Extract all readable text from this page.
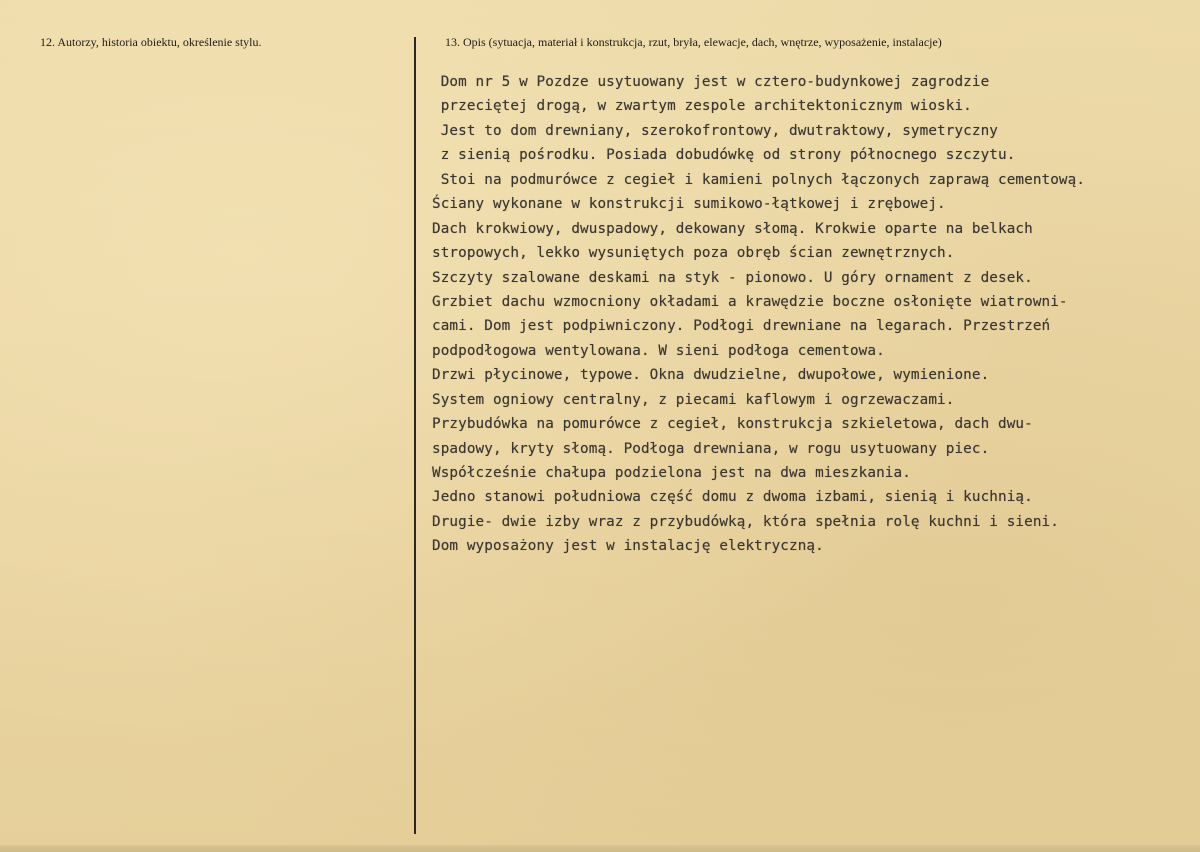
12. Autorzy, historia obiektu, określenie stylu.	13. Opis (sytuacja, materiał i konstrukcja, rzut, bryła, elewacje, dach, wnętrze, wyposażenie, instalacje)
Dom nr 5 w Pozdze usytuowany jest w cztero-budynkowej zagrodzie
przeciętej drogą, w zwartym zespole architektonicznym wioski.
Jest to dom drewniany, szerokofrontowy, dwutraktowy, symetryczny
z sienią pośrodku. Posiada dobudówkę od strony północnego szczytu.
Stoi na podmurówce z cegieł i kamieni polnych łączonych zaprawą cementową.
Ściany wykonane w konstrukcji sumikowo-łątkowej i zrębowej.
Dach krokwiowy, dwuspadowy, dekowany słomą. Krokwie oparte na belkach
stropowych, lekko wysuniętych poza obręb ścian zewnętrznych.
Szczyty szalowane deskami na styk - pionowo. U góry ornament z desek.
Grzbiet dachu wzmocniony okładami a krawędzie boczne osłonięte wiatrowni-
cami. Dom jest podpiwniczony. Podłogi drewniane na legarach. Przestrzeń
podpodłogowa wentylowana. W sieni podłoga cementowa.
Drzwi płycinowe, typowe. Okna dwudzielne, dwupołowe, wymienione.
System ogniowy centralny, z piecami kaflowym i ogrzewaczami.
Przybudówka na pomurówce z cegieł, konstrukcja szkieletowa, dach dwu-
spadowy, kryty słomą. Podłoga drewniana, w rogu usytuowany piec.
Współcześnie chałupa podzielona jest na dwa mieszkania.
Jedno stanowi południowa część domu z dwoma izbami, sienią i kuchnią.
Drugie- dwie izby wraz z przybudówką, która spełnia rolę kuchni i sieni.
Dom wyposażony jest w instalację elektryczną.
